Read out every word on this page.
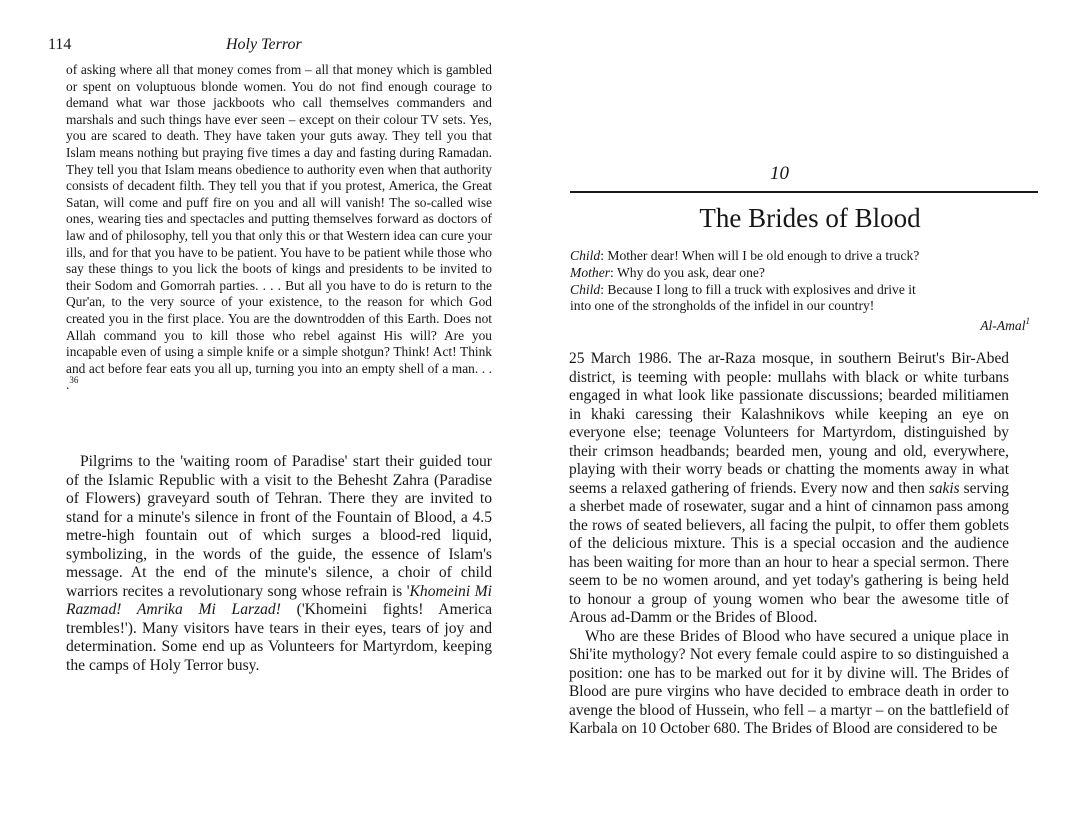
114	Holy Terror

of asking where all that money comes from – all that money which is gambled or spent on voluptuous blonde women. You do not find enough courage to demand what war those jackboots who call themselves commanders and marshals and such things have ever seen – except on their colour TV sets. Yes, you are scared to death. They have taken your guts away. They tell you that Islam means nothing but praying five times a day and fasting during Ramadan. They tell you that Islam means obedience to authority even when that authority consists of decadent filth. They tell you that if you protest, America, the Great Satan, will come and puff fire on you and all will vanish! The so-called wise ones, wearing ties and spectacles and putting themselves forward as doctors of law and of philosophy, tell you that only this or that Western idea can cure your ills, and for that you have to be patient. You have to be patient while those who say these things to you lick the boots of kings and presidents to be invited to their Sodom and Gomorrah parties. . . . But all you have to do is return to the Qur'an, to the very source of your existence, to the reason for which God created you in the first place. You are the downtrodden of this Earth. Does not Allah command you to kill those who rebel against His will? Are you incapable even of using a simple knife or a simple shotgun? Think! Act! Think and act before fear eats you all up, turning you into an empty shell of a man. . . .$^{36}$

Pilgrims to the 'waiting room of Paradise' start their guided tour of the Islamic Republic with a visit to the Behesht Zahra (Paradise of Flowers) graveyard south of Tehran. There they are invited to stand for a minute's silence in front of the Fountain of Blood, a 4.5 metre-high fountain out of which surges a blood-red liquid, symbolizing, in the words of the guide, the essence of Islam's message. At the end of the minute's silence, a choir of child warriors recites a revolutionary song whose refrain is 'Khomeini Mi Razmad! Amrika Mi Larzad! ('Khomeini fights! America trembles!'). Many visitors have tears in their eyes, tears of joy and determination. Some end up as Volunteers for Martyrdom, keeping the camps of Holy Terror busy.

10
The Brides of Blood
Child: Mother dear! When will I be old enough to drive a truck?
Mother: Why do you ask, dear one?
Child: Because I long to fill a truck with explosives and drive it
into one of the strongholds of the infidel in our country!
Al-Amal$^1$

25 March 1986. The ar-Raza mosque, in southern Beirut's Bir-Abed district, is teeming with people: mullahs with black or white turbans engaged in what look like passionate discussions; bearded militiamen in khaki caressing their Kalashnikovs while keeping an eye on everyone else; teenage Volunteers for Martyrdom, distinguished by their crimson headbands; bearded men, young and old, everywhere, playing with their worry beads or chatting the moments away in what seems a relaxed gathering of friends. Every now and then sakis serving a sherbet made of rosewater, sugar and a hint of cinnamon pass among the rows of seated believers, all facing the pulpit, to offer them goblets of the delicious mixture. This is a special occasion and the audience has been waiting for more than an hour to hear a special sermon. There seem to be no women around, and yet today's gathering is being held to honour a group of young women who bear the awesome title of Arous ad-Damm or the Brides of Blood.

Who are these Brides of Blood who have secured a unique place in Shi'ite mythology? Not every female could aspire to so distinguished a position: one has to be marked out for it by divine will. The Brides of Blood are pure virgins who have decided to embrace death in order to avenge the blood of Hussein, who fell – a martyr – on the battlefield of Karbala on 10 October 680. The Brides of Blood are considered to be
